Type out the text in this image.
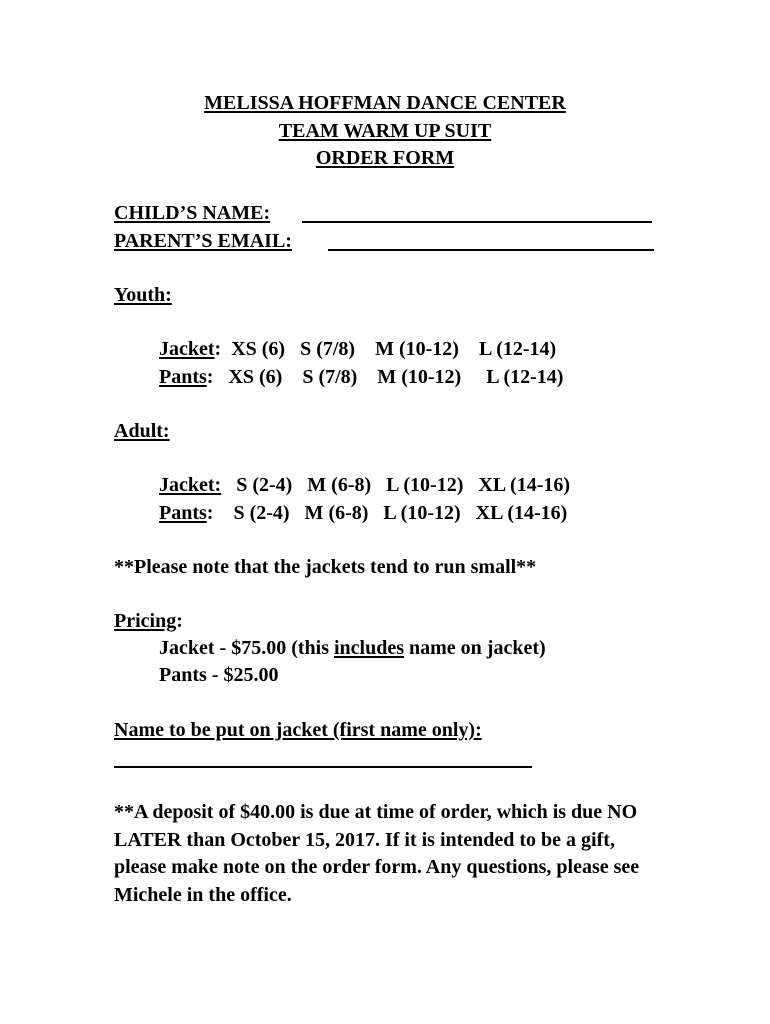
MELISSA HOFFMAN DANCE CENTER
TEAM WARM UP SUIT
ORDER FORM
CHILD’S NAME:
PARENT’S EMAIL:
Youth:
Jacket:  XS (6)   S (7/8)    M (10-12)    L (12-14)
Pants:   XS (6)    S (7/8)    M (10-12)     L (12-14)
Adult:
Jacket:   S (2-4)   M (6-8)   L (10-12)   XL (14-16)
Pants:    S (2-4)   M (6-8)   L (10-12)   XL (14-16)
**Please note that the jackets tend to run small**
Pricing:
Jacket - $75.00 (this includes name on jacket)
Pants - $25.00
Name to be put on jacket (first name only):
**A deposit of $40.00 is due at time of order, which is due NO LATER than October 15, 2017. If it is intended to be a gift, please make note on the order form. Any questions, please see Michele in the office.
